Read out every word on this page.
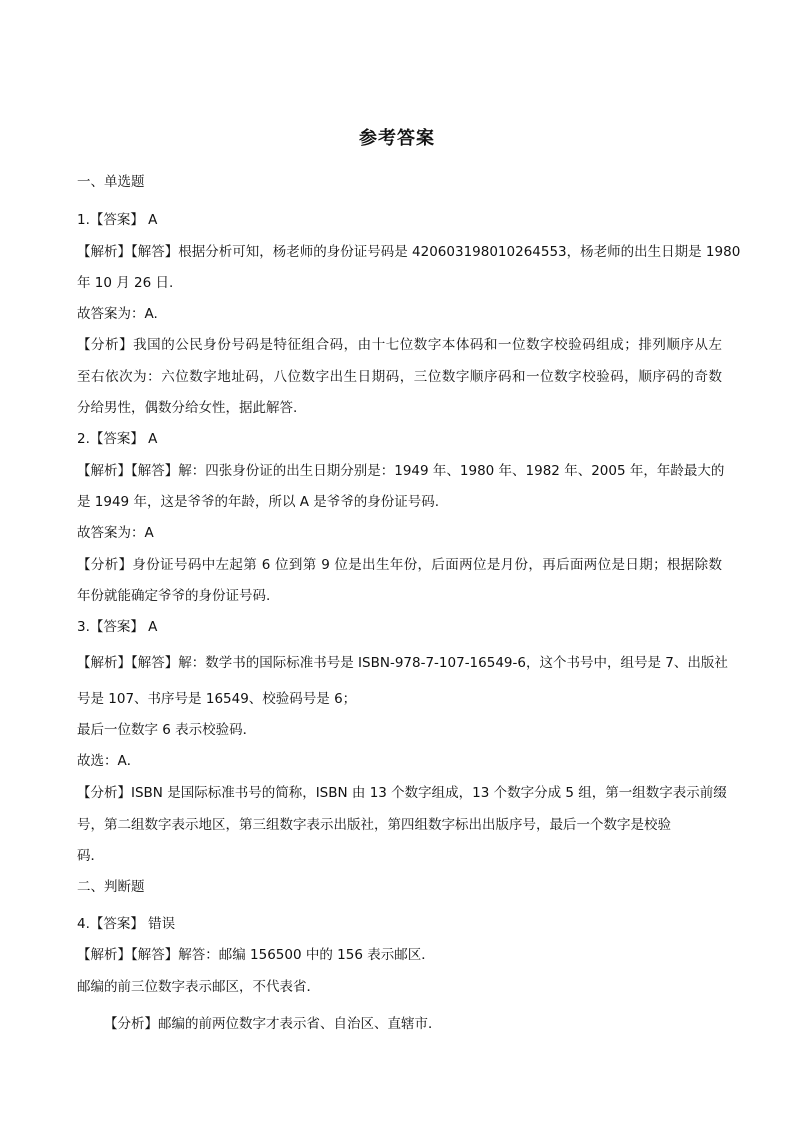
参考答案
一、单选题
1.【答案】 A
【解析】【解答】根据分析可知，杨老师的身份证号码是 420603198010264553，杨老师的出生日期是 1980
年 10 月 26 日.
故答案为：A.
【分析】我国的公民身份号码是特征组合码，由十七位数字本体码和一位数字校验码组成；排列顺序从左
至右依次为：六位数字地址码，八位数字出生日期码，三位数字顺序码和一位数字校验码，顺序码的奇数
分给男性，偶数分给女性，据此解答.
2.【答案】 A
【解析】【解答】解：四张身份证的出生日期分别是：1949 年、1980 年、1982 年、2005 年，年龄最大的
是 1949 年，这是爷爷的年龄，所以 A 是爷爷的身份证号码.
故答案为：A
【分析】身份证号码中左起第 6 位到第 9 位是出生年份，后面两位是月份，再后面两位是日期；根据除数
年份就能确定爷爷的身份证号码.
3.【答案】 A
【解析】【解答】解：数学书的国际标准书号是 ISBN-978-7-107-16549-6，这个书号中，组号是 7、出版社
号是 107、书序号是 16549、校验码号是 6；
最后一位数字 6 表示校验码．
故选：A．
【分析】ISBN 是国际标准书号的简称，ISBN 由 13 个数字组成，13 个数字分成 5 组，第一组数字表示前缀
号，第二组数字表示地区，第三组数字表示出版社，第四组数字标出出版序号，最后一个数字是校验
码．
二、判断题
4.【答案】 错误
【解析】【解答】解答：邮编 156500 中的 156 表示邮区．
邮编的前三位数字表示邮区，不代表省．
【分析】邮编的前两位数字才表示省、自治区、直辖市．
